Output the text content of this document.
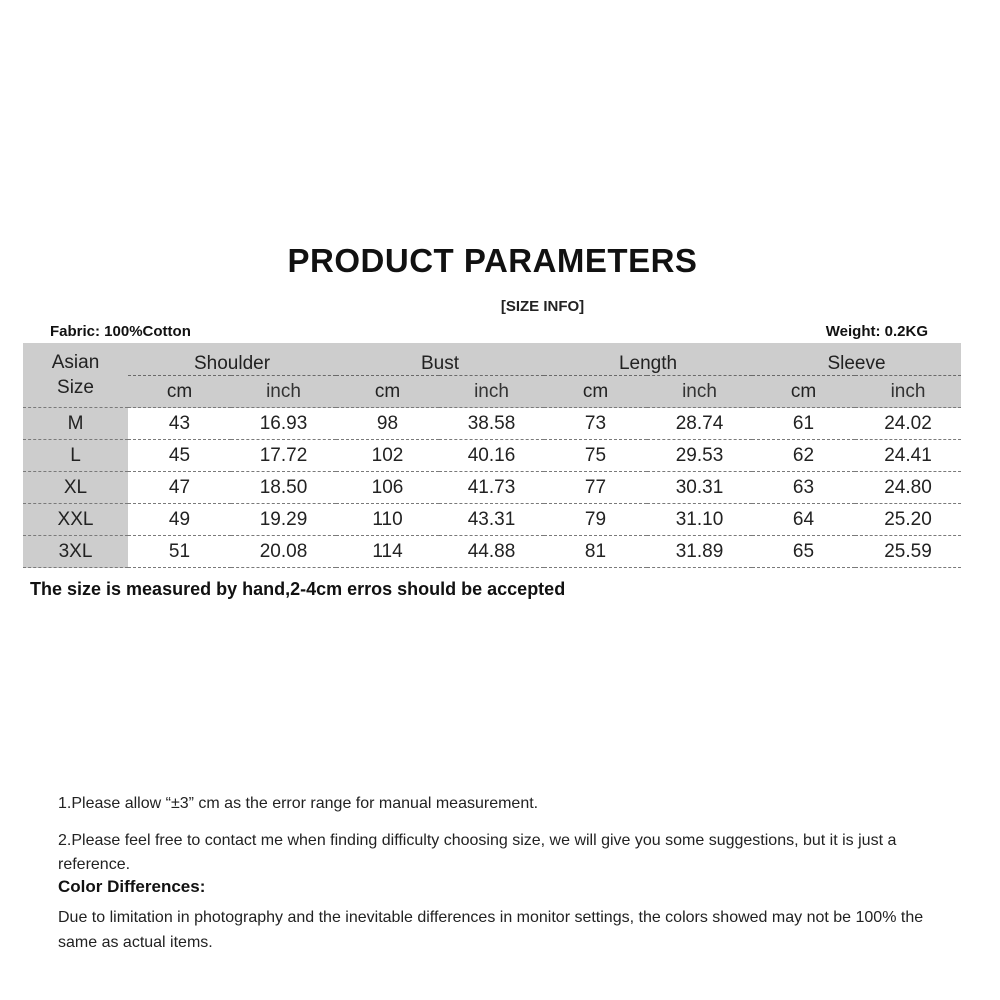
PRODUCT PARAMETERS
[SIZE INFO]
Fabric: 100%Cotton	Weight: 0.2KG
Asian
Size	Shoulder		Bust		Length		Sleeve	
	cm	inch	cm	inch	cm	inch	cm	inch
M	43	16.93	98	38.58	73	28.74	61	24.02
L	45	17.72	102	40.16	75	29.53	62	24.41
XL	47	18.50	106	41.73	77	30.31	63	24.80
XXL	49	19.29	110	43.31	79	31.10	64	25.20
3XL	51	20.08	114	44.88	81	31.89	65	25.59
The size is measured by hand,2-4cm erros should be accepted
1.Please allow “±3” cm as the error range for manual measurement.
2.Please feel free to contact me when finding difficulty choosing size, we will give you some suggestions, but it is just a reference.
Color Differences:
Due to limitation in photography and the inevitable differences in monitor settings, the colors showed may not be 100% the same as actual items.
